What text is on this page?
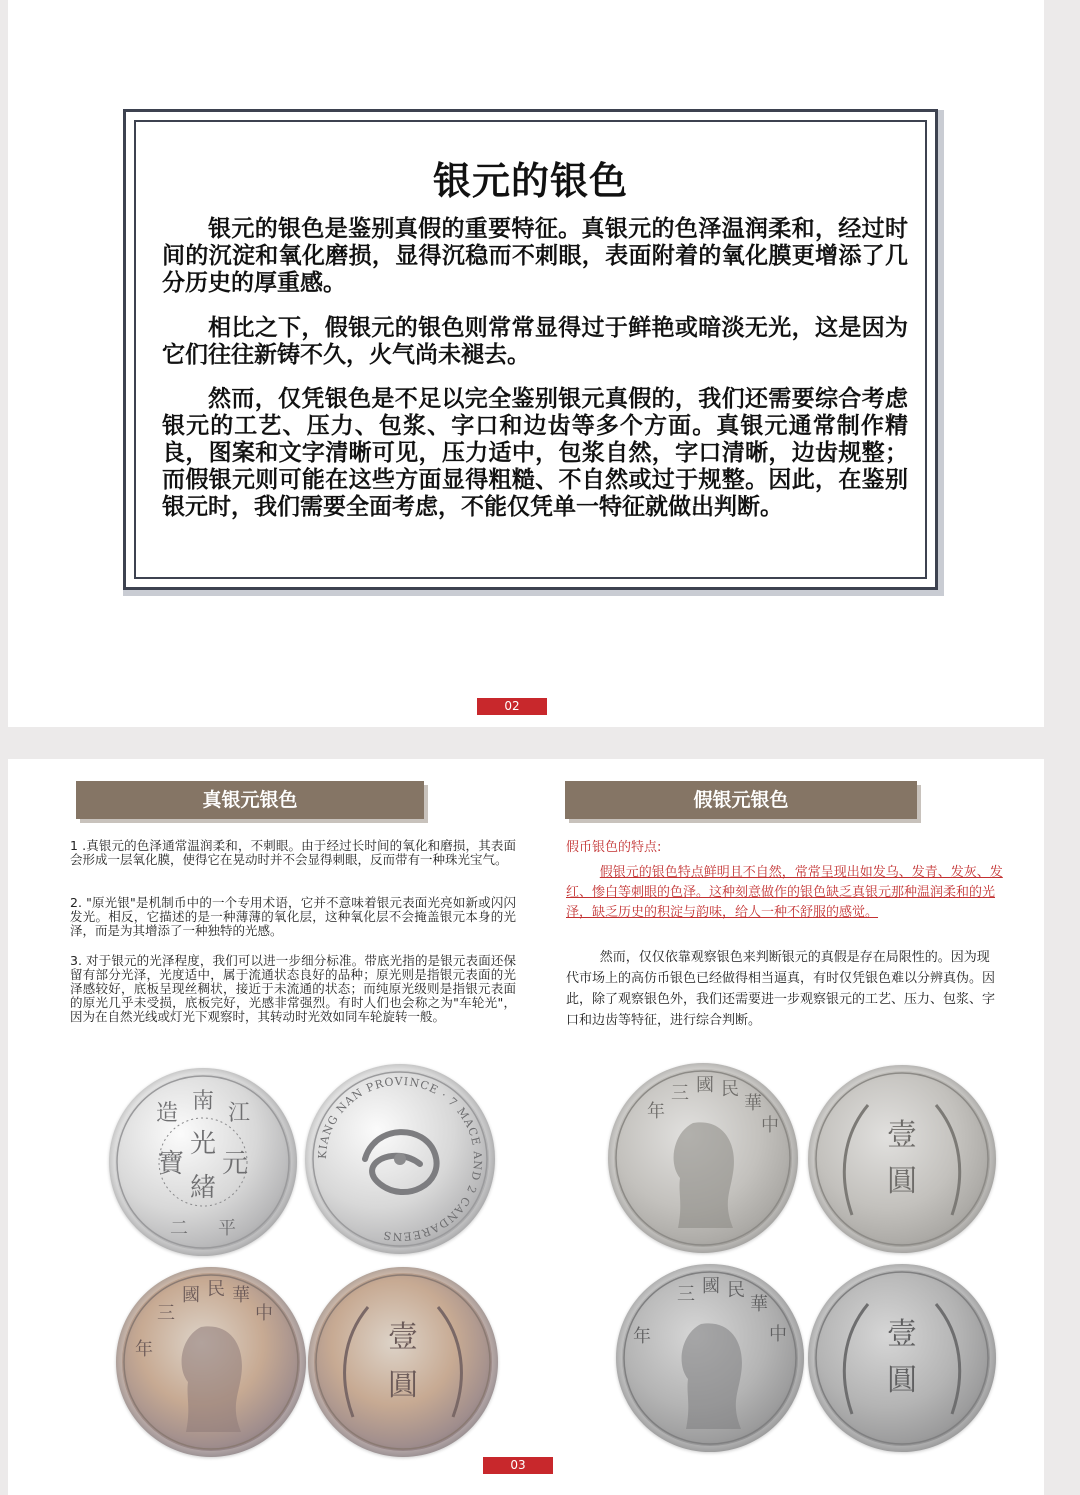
银元的银色

银元的银色是鉴别真假的重要特征。真银元的色泽温润柔和，经过时间的沉淀和氧化磨损，显得沉稳而不刺眼，表面附着的氧化膜更增添了几分历史的厚重感。

相比之下，假银元的银色则常常显得过于鲜艳或暗淡无光，这是因为它们往往新铸不久，火气尚未褪去。

然而，仅凭银色是不足以完全鉴别银元真假的，我们还需要综合考虑银元的工艺、压力、包浆、字口和边齿等多个方面。真银元通常制作精良，图案和文字清晰可见，压力适中，包浆自然，字口清晰，边齿规整；而假银元则可能在这些方面显得粗糙、不自然或过于规整。因此，在鉴别银元时，我们需要全面考虑，不能仅凭单一特征就做出判断。

02
真银元银色	假银元银色

1 .真银元的色泽通常温润柔和，不刺眼。由于经过长时间的氧化和磨损，其表面会形成一层氧化膜，使得它在晃动时并不会显得刺眼，反而带有一种珠光宝气。

2. "原光银"是机制币中的一个专用术语，它并不意味着银元表面光亮如新或闪闪发光。相反，它描述的是一种薄薄的氧化层，这种氧化层不会掩盖银元本身的光泽，而是为其增添了一种独特的光感。

3. 对于银元的光泽程度，我们可以进一步细分标准。带底光指的是银元表面还保留有部分光泽，光度适中，属于流通状态良好的品种；原光则是指银元表面的光泽感较好，底板呈现丝稠状，接近于未流通的状态；而纯原光级则是指银元表面的原光几乎未受损，底板完好，光感非常强烈。有时人们也会称之为"车轮光"，因为在自然光线或灯光下观察时，其转动时光效如同车轮旋转一般。

假币银色的特点:

假银元的银色特点鲜明且不自然，常常呈现出如发乌、发青、发灰、发红、惨白等刺眼的色泽。这种刻意做作的银色缺乏真银元那种温润柔和的光泽，缺乏历史的积淀与韵味，给人一种不舒服的感觉。

然而，仅仅依靠观察银色来判断银元的真假是存在局限性的。因为现代市场上的高仿币银色已经做得相当逼真，有时仅凭银色难以分辨真伪。因此，除了观察银色外，我们还需要进一步观察银元的工艺、压力、包浆、字口和边齿等特征，进行综合判断。

南
造 江
光
寶 元
緒
二 平
KIANG NAN PROVINCE · 7 MACE AND 2 CANDAREENS
三
國 民 華
中
年	壹
圓
年
三 國 民
華
中	壹
圓
年
三 國 民
華
中	壹
圓
03
